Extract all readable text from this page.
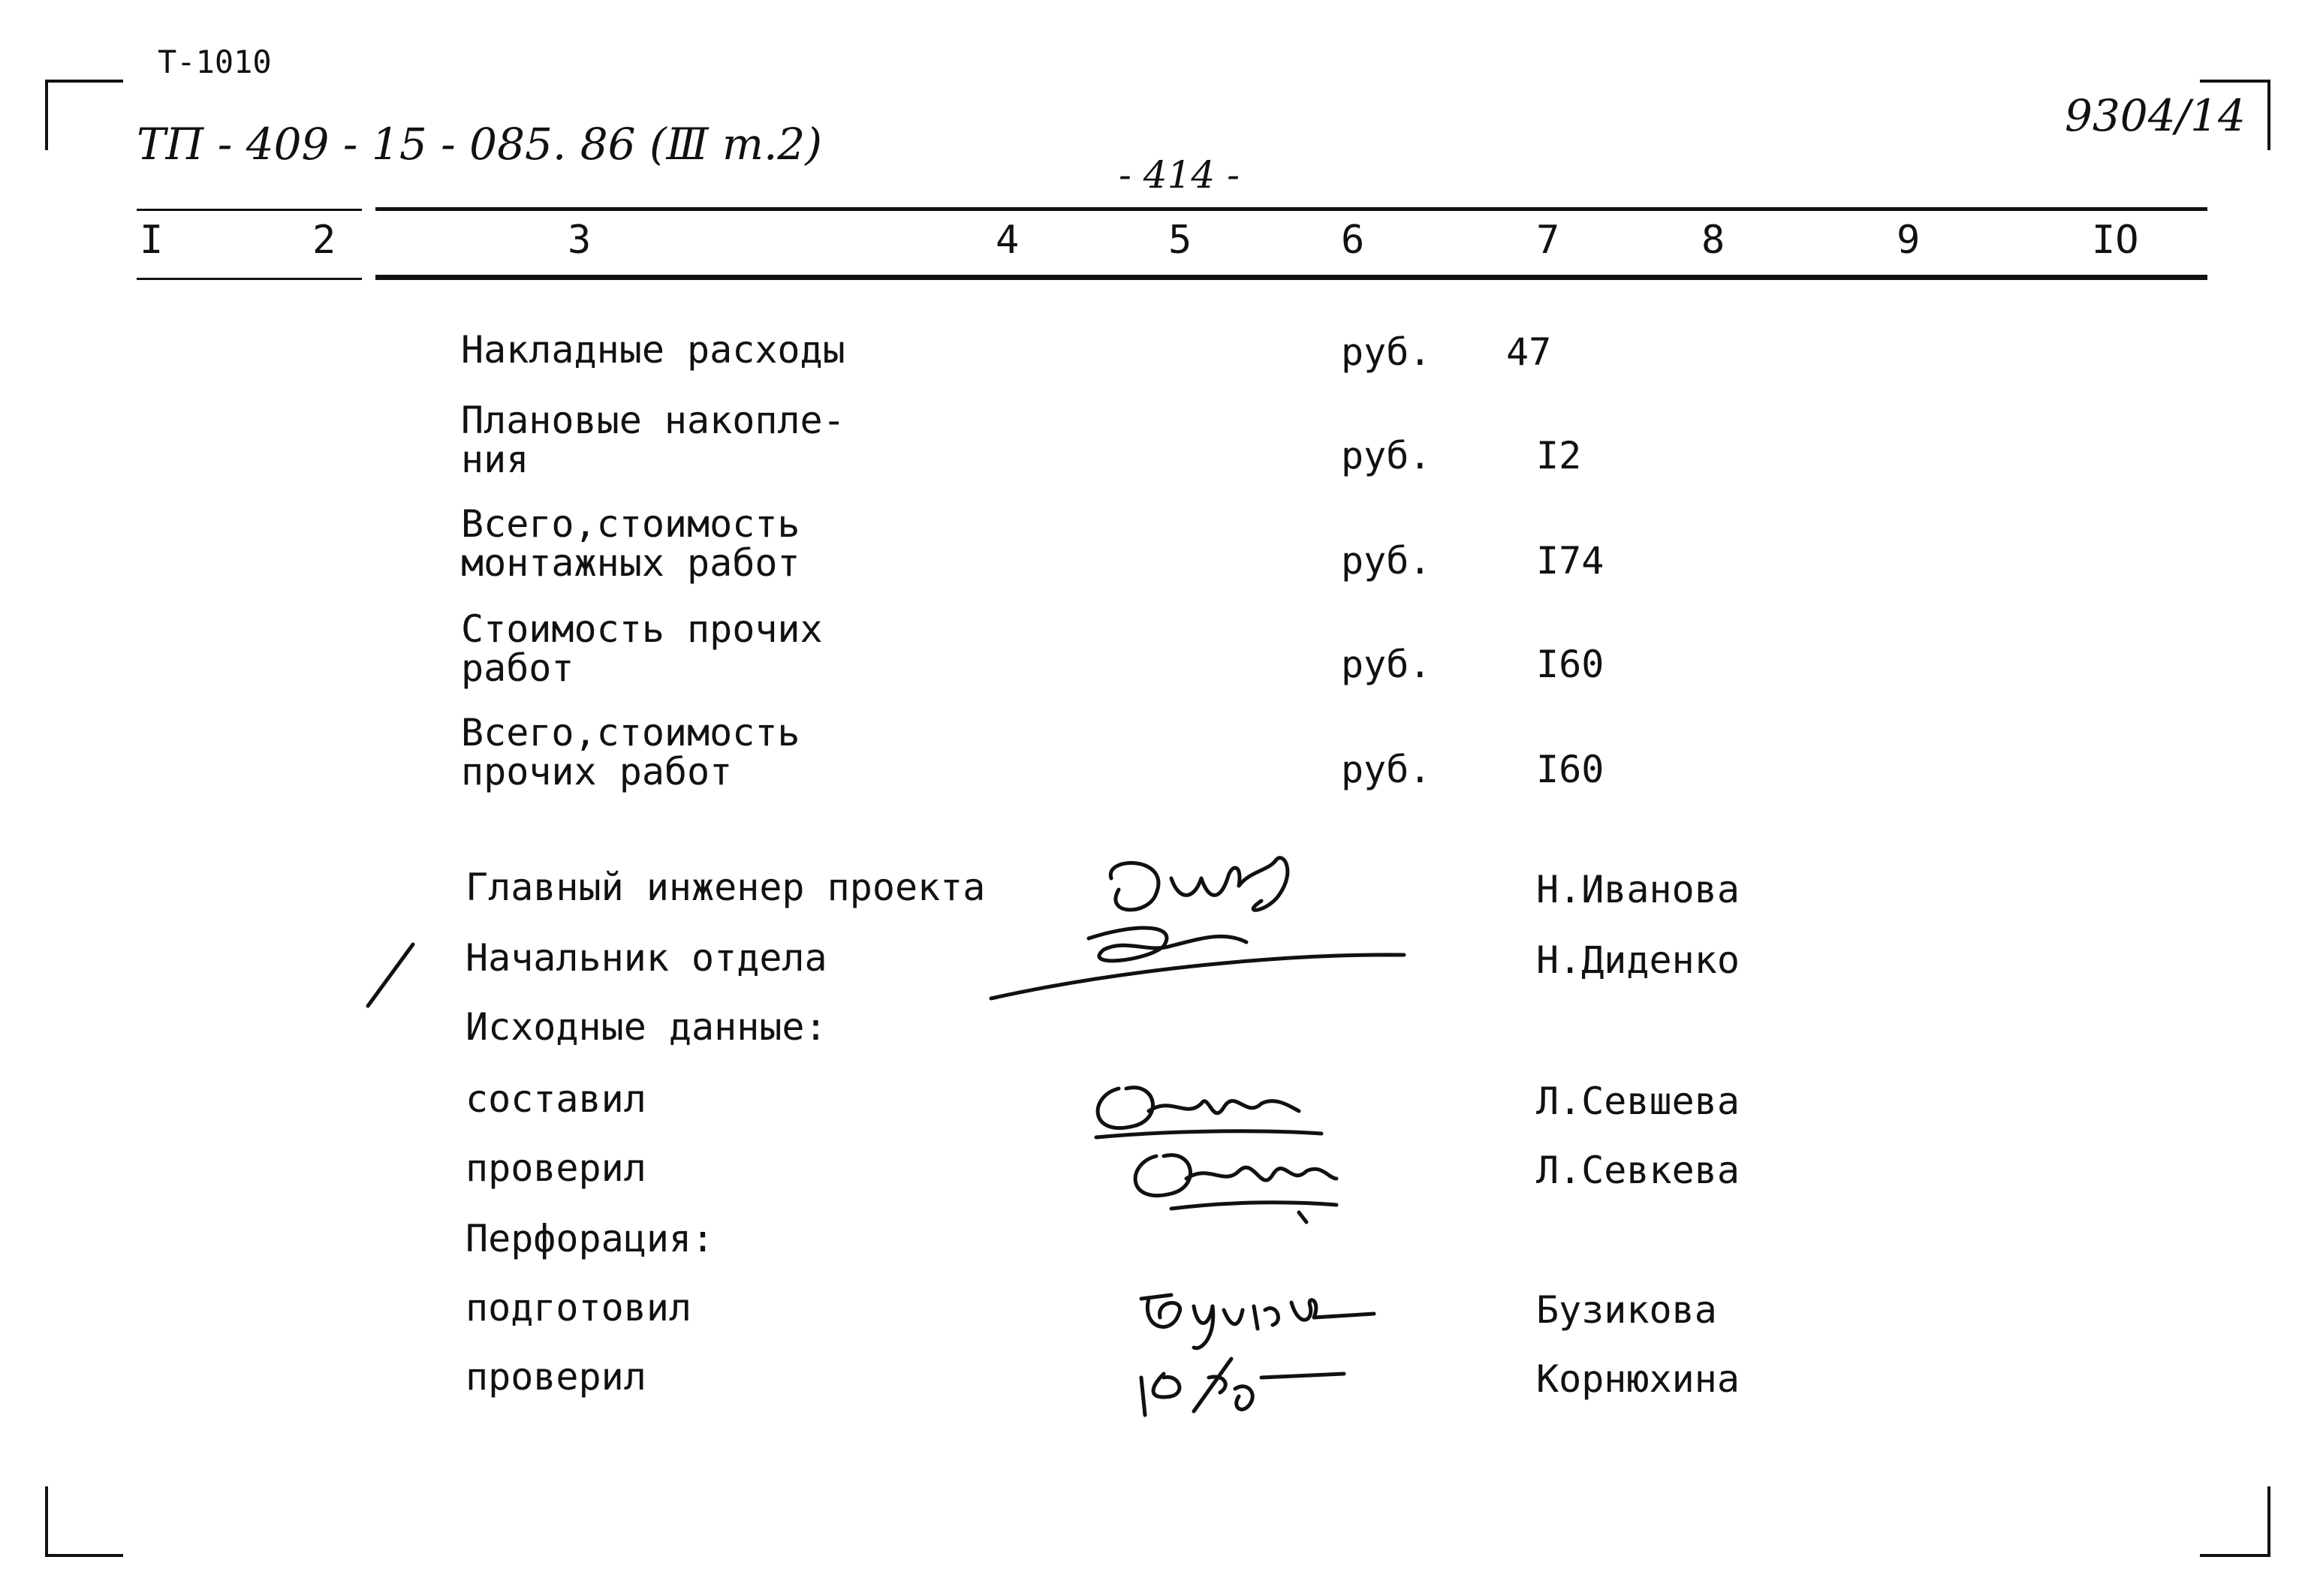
Т-1010
ТП - 409 - 15 - 085. 86 (Ⅲ т.2)
- 414 -
9304/14
I	2	3	4	5	6	7	8	9	IO
Накладные расходы	руб. 47
Плановые накопле-
ния	руб.	I2
Всего,стоимость
монтажных работ	руб.	I74
Стоимость прочих
работ	руб.	I60
Всего,стоимость
прочих работ	руб.	I60
Главный инженер проекта	Н.Иванова
Начальник отдела	Н.Диденко
Исходные данные:
составил	Л.Севшева
проверил	Л.Севкева
Перфорация:
подготовил	Бузикова
проверил	Корнюхина
